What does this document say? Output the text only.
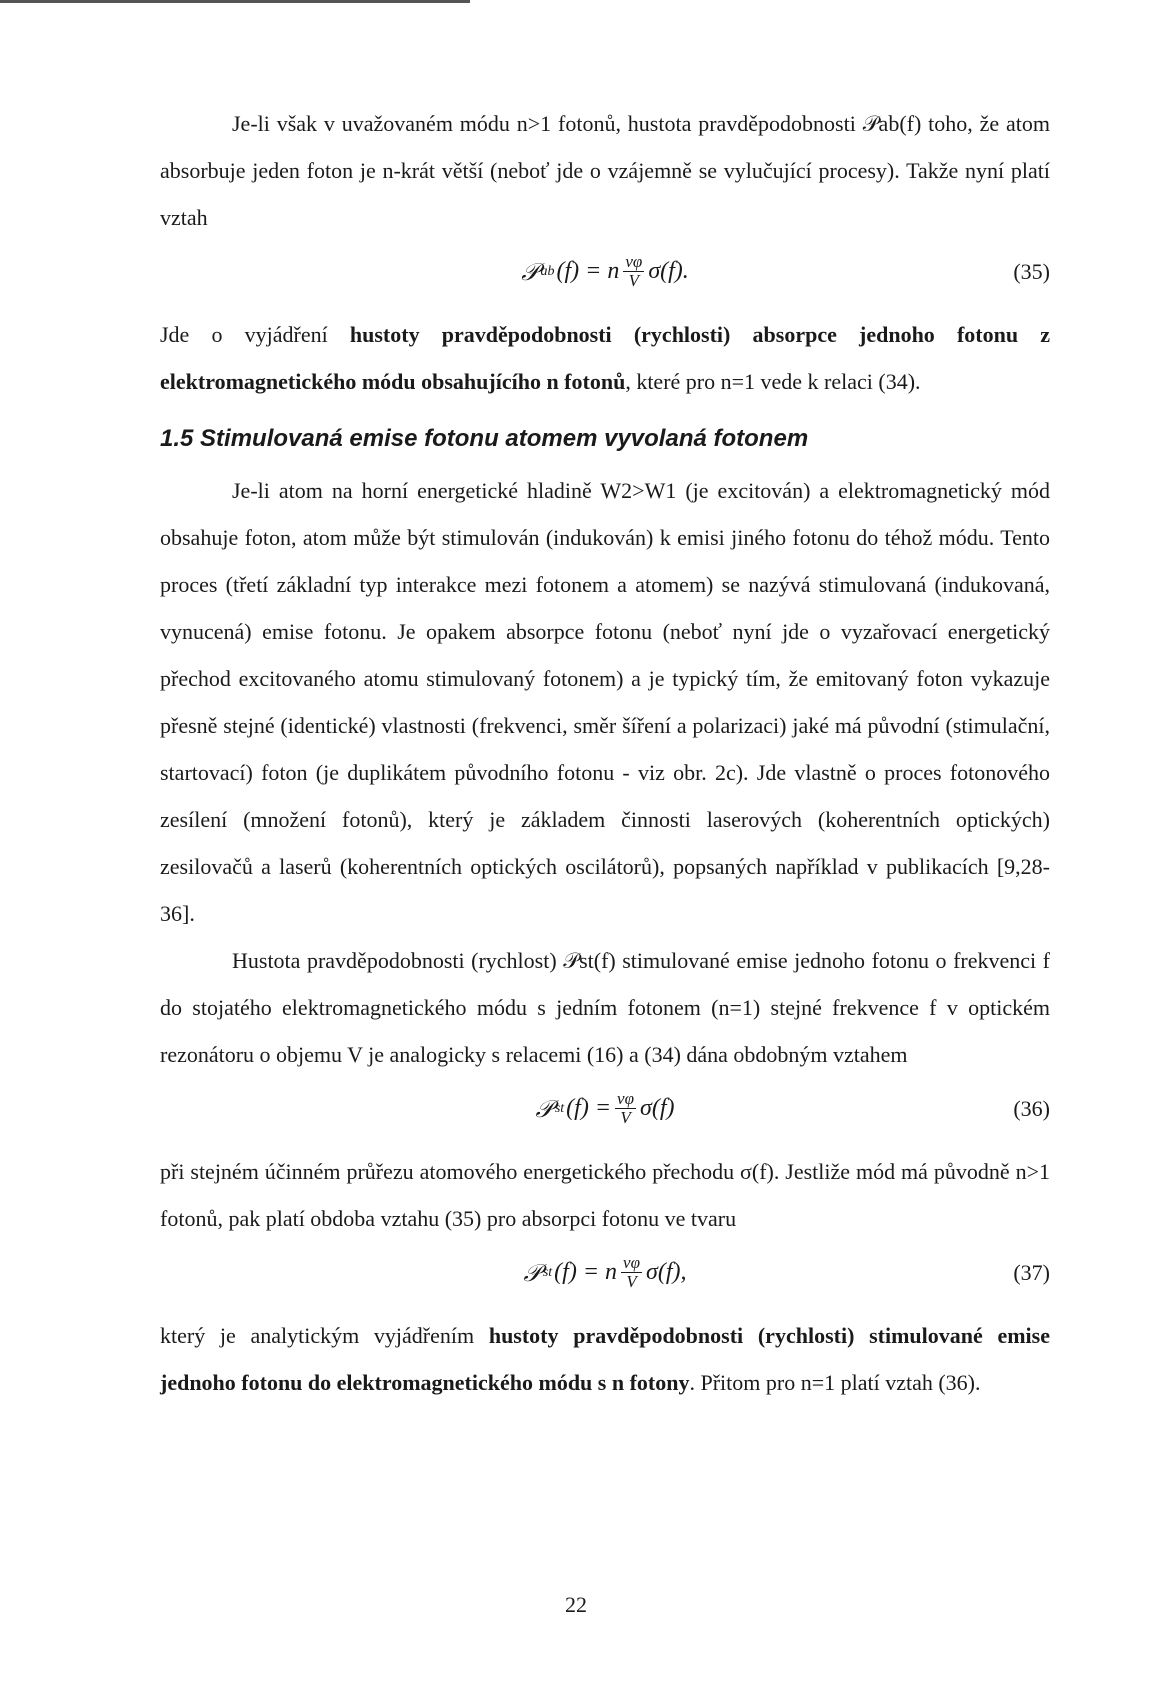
Je-li však v uvažovaném módu n>1 fotonů, hustota pravděpodobnosti 𝒫ab(f) toho, že atom absorbuje jeden foton je n-krát větší (neboť jde o vzájemně se vylučující procesy). Takže nyní platí vztah

𝒫 ab (f) = n $\frac{v\varphi}{V} \sigma(f)$.	(35)

Jde o vyjádření hustoty pravděpodobnosti (rychlosti) absorpce jednoho fotonu z elektromagnetického módu obsahujícího n fotonů, které pro n=1 vede k relaci (34).

1.5 Stimulovaná emise fotonu atomem vyvolaná fotonem

Je-li atom na horní energetické hladině W2>W1 (je excitován) a elektromagnetický mód obsahuje foton, atom může být stimulován (indukován) k emisi jiného fotonu do téhož módu. Tento proces (třetí základní typ interakce mezi fotonem a atomem) se nazývá stimulovaná (indukovaná, vynucená) emise fotonu. Je opakem absorpce fotonu (neboť nyní jde o vyzařovací energetický přechod excitovaného atomu stimulovaný fotonem) a je typický tím, že emitovaný foton vykazuje přesně stejné (identické) vlastnosti (frekvenci, směr šíření a polarizaci) jaké má původní (stimulační, startovací) foton (je duplikátem původního fotonu - viz obr. 2c). Jde vlastně o proces fotonového zesílení (množení fotonů), který je základem činnosti laserových (koherentních optických) zesilovačů a laserů (koherentních optických oscilátorů), popsaných například v publikacích [9,28-36].

Hustota pravděpodobnosti (rychlost) 𝒫st(f) stimulované emise jednoho fotonu o frekvenci f do stojatého elektromagnetického módu s jedním fotonem (n=1) stejné frekvence f v optickém rezonátoru o objemu V je analogicky s relacemi (16) a (34) dána obdobným vztahem

𝒫 st $(f) = \frac{v\varphi}{V} \sigma(f)$	(36)

při stejném účinném průřezu atomového energetického přechodu σ(f). Jestliže mód má původně n>1 fotonů, pak platí obdoba vztahu (35) pro absorpci fotonu ve tvaru

𝒫 st (f) = n $\frac{v\varphi}{V} \sigma(f)$,	(37)

který je analytickým vyjádřením hustoty pravděpodobnosti (rychlosti) stimulované emise jednoho fotonu do elektromagnetického módu s n fotony. Přitom pro n=1 platí vztah (36).

22
